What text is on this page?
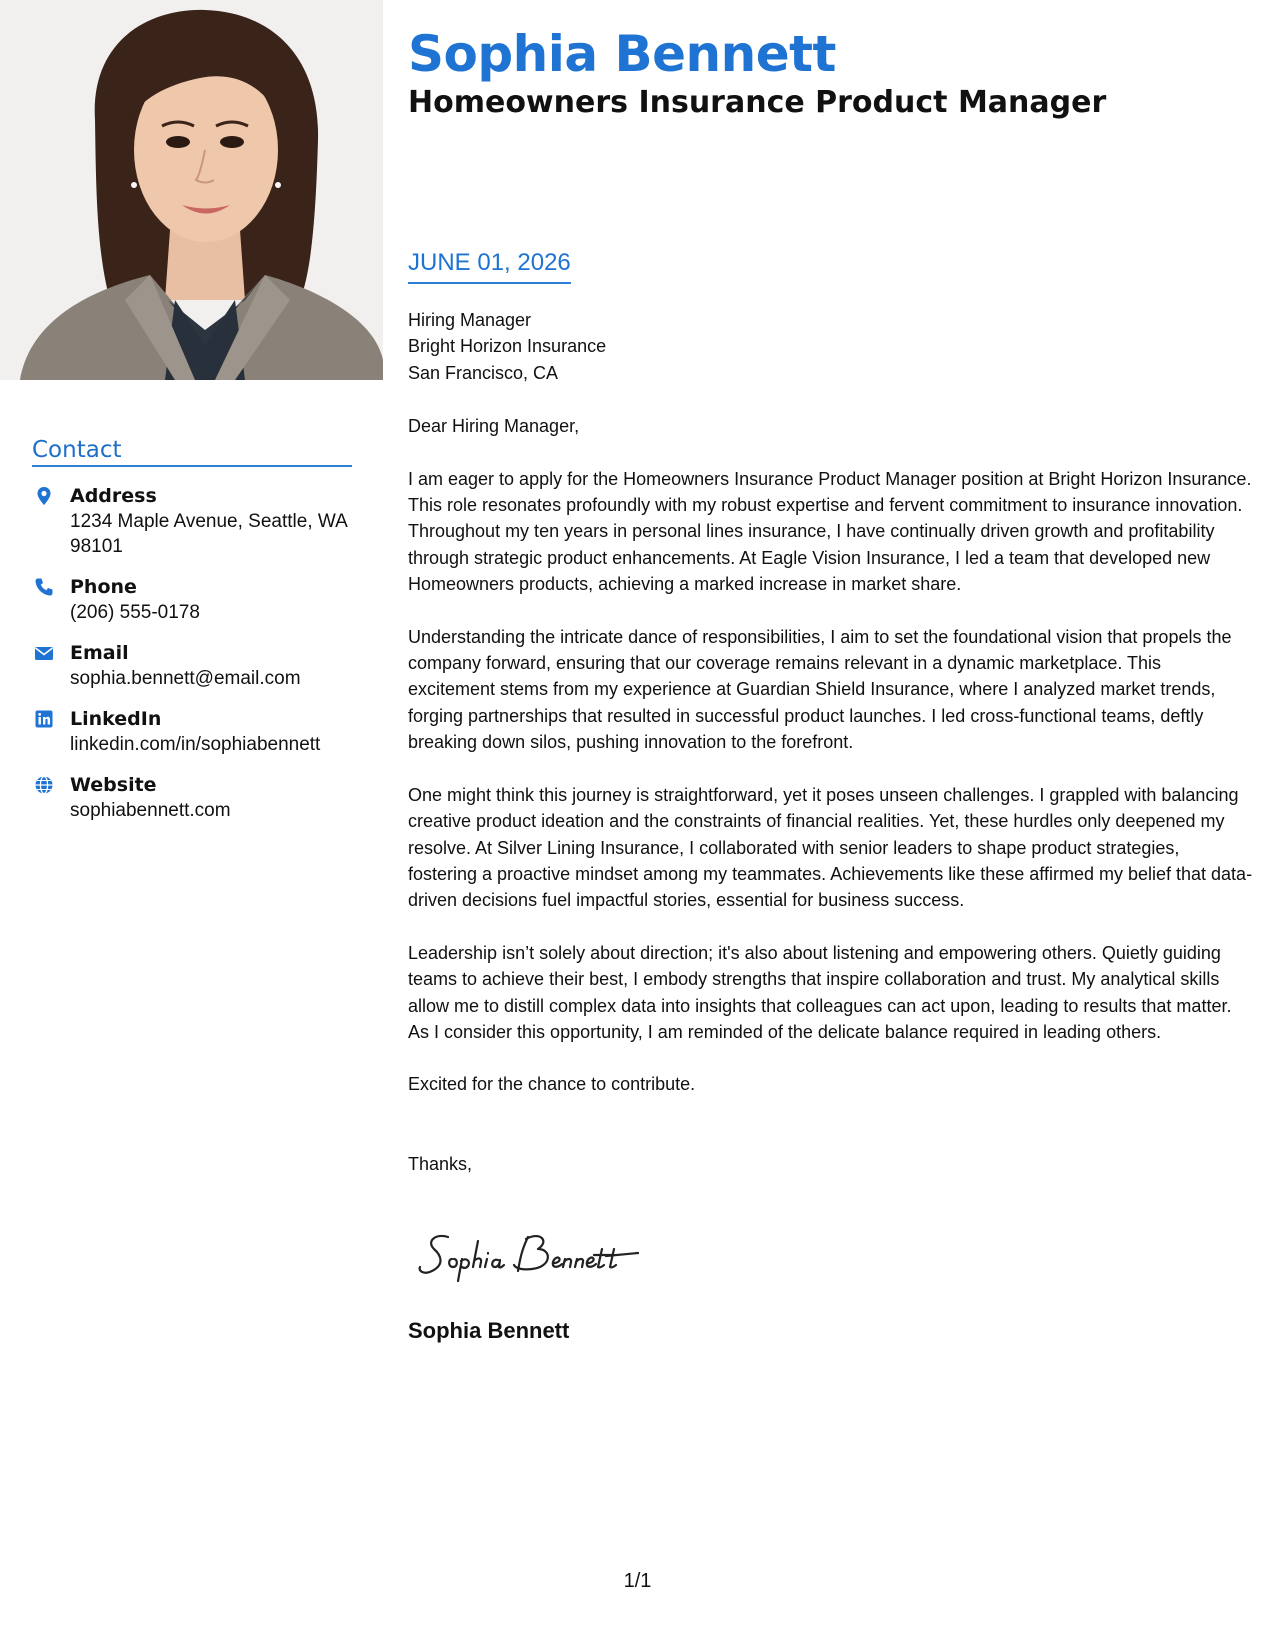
Sophia Bennett
Homeowners Insurance Product Manager
Contact
Address
1234 Maple Avenue, Seattle, WA 98101
Phone
(206) 555-0178
Email
sophia.bennett@email.com
LinkedIn
linkedin.com/in/sophiabennett
Website
sophiabennett.com
JUNE 01, 2026
Hiring Manager
Bright Horizon Insurance
San Francisco, CA

Dear Hiring Manager,

I am eager to apply for the Homeowners Insurance Product Manager position at Bright Horizon Insurance. This role resonates profoundly with my robust expertise and fervent commitment to insurance innovation. Throughout my ten years in personal lines insurance, I have continually driven growth and profitability through strategic product enhancements. At Eagle Vision Insurance, I led a team that developed new Homeowners products, achieving a marked increase in market share.

Understanding the intricate dance of responsibilities, I aim to set the foundational vision that propels the company forward, ensuring that our coverage remains relevant in a dynamic marketplace. This excitement stems from my experience at Guardian Shield Insurance, where I analyzed market trends, forging partnerships that resulted in successful product launches. I led cross-functional teams, deftly breaking down silos, pushing innovation to the forefront.

One might think this journey is straightforward, yet it poses unseen challenges. I grappled with balancing creative product ideation and the constraints of financial realities. Yet, these hurdles only deepened my resolve. At Silver Lining Insurance, I collaborated with senior leaders to shape product strategies, fostering a proactive mindset among my teammates. Achievements like these affirmed my belief that data-driven decisions fuel impactful stories, essential for business success.

Leadership isn’t solely about direction; it's also about listening and empowering others. Quietly guiding teams to achieve their best, I embody strengths that inspire collaboration and trust. My analytical skills allow me to distill complex data into insights that colleagues can act upon, leading to results that matter. As I consider this opportunity, I am reminded of the delicate balance required in leading others.

Excited for the chance to contribute.

Thanks,

Sophia Bennett
1/1
